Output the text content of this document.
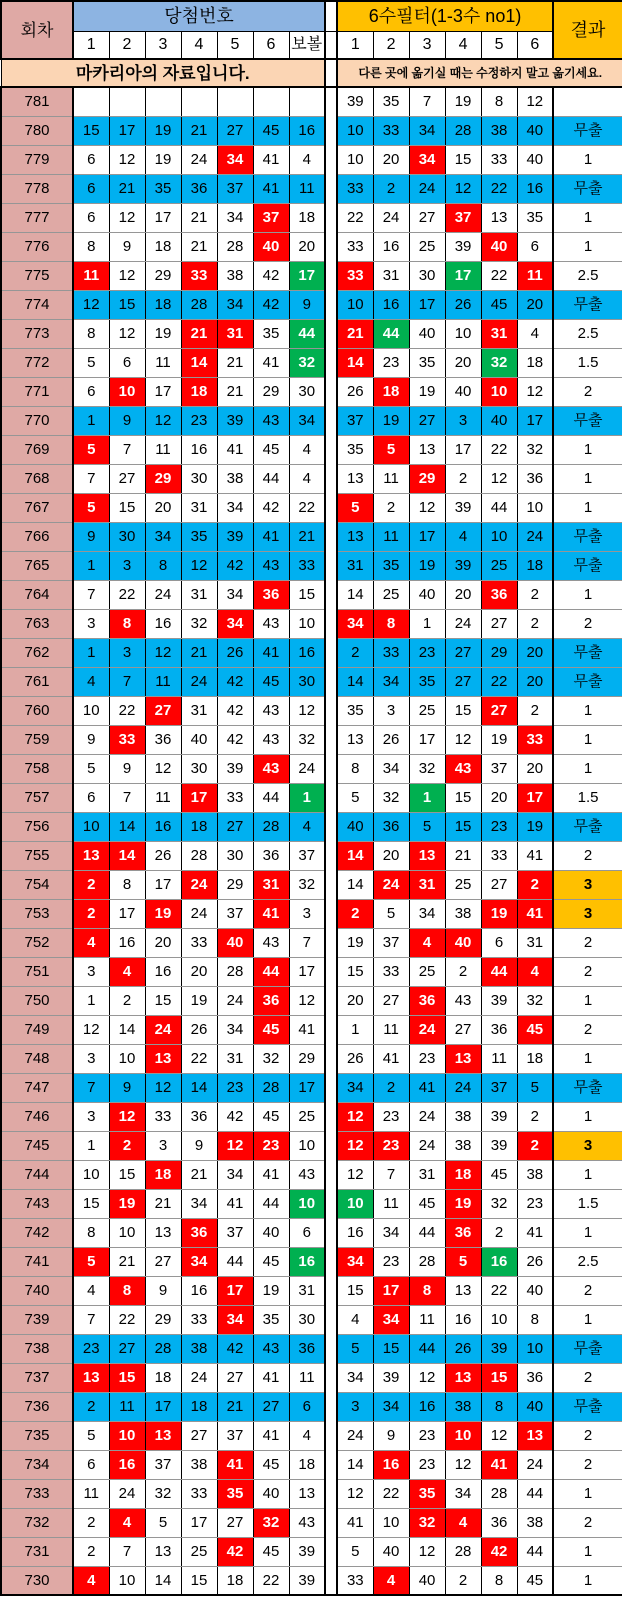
회차	당첨번호								6수필터(1-3수 no1)						결과
	1	2	3	4	5	6	보볼		1	2	3	4	5	6	
마카리아의 자료입니다.									다른 곳에 옮기실 때는 수정하지 말고 옮기세요.						
781									39	35	7	19	8	12	
780	15	17	19	21	27	45	16		10	33	34	28	38	40	무출
779	6	12	19	24	34	41	4		10	20	34	15	33	40	1
778	6	21	35	36	37	41	11		33	2	24	12	22	16	무출
777	6	12	17	21	34	37	18		22	24	27	37	13	35	1
776	8	9	18	21	28	40	20		33	16	25	39	40	6	1
775	11	12	29	33	38	42	17		33	31	30	17	22	11	2.5
774	12	15	18	28	34	42	9		10	16	17	26	45	20	무출
773	8	12	19	21	31	35	44		21	44	40	10	31	4	2.5
772	5	6	11	14	21	41	32		14	23	35	20	32	18	1.5
771	6	10	17	18	21	29	30		26	18	19	40	10	12	2
770	1	9	12	23	39	43	34		37	19	27	3	40	17	무출
769	5	7	11	16	41	45	4		35	5	13	17	22	32	1
768	7	27	29	30	38	44	4		13	11	29	2	12	36	1
767	5	15	20	31	34	42	22		5	2	12	39	44	10	1
766	9	30	34	35	39	41	21		13	11	17	4	10	24	무출
765	1	3	8	12	42	43	33		31	35	19	39	25	18	무출
764	7	22	24	31	34	36	15		14	25	40	20	36	2	1
763	3	8	16	32	34	43	10		34	8	1	24	27	2	2
762	1	3	12	21	26	41	16		2	33	23	27	29	20	무출
761	4	7	11	24	42	45	30		14	34	35	27	22	20	무출
760	10	22	27	31	42	43	12		35	3	25	15	27	2	1
759	9	33	36	40	42	43	32		13	26	17	12	19	33	1
758	5	9	12	30	39	43	24		8	34	32	43	37	20	1
757	6	7	11	17	33	44	1		5	32	1	15	20	17	1.5
756	10	14	16	18	27	28	4		40	36	5	15	23	19	무출
755	13	14	26	28	30	36	37		14	20	13	21	33	41	2
754	2	8	17	24	29	31	32		14	24	31	25	27	2	3
753	2	17	19	24	37	41	3		2	5	34	38	19	41	3
752	4	16	20	33	40	43	7		19	37	4	40	6	31	2
751	3	4	16	20	28	44	17		15	33	25	2	44	4	2
750	1	2	15	19	24	36	12		20	27	36	43	39	32	1
749	12	14	24	26	34	45	41		1	11	24	27	36	45	2
748	3	10	13	22	31	32	29		26	41	23	13	11	18	1
747	7	9	12	14	23	28	17		34	2	41	24	37	5	무출
746	3	12	33	36	42	45	25		12	23	24	38	39	2	1
745	1	2	3	9	12	23	10		12	23	24	38	39	2	3
744	10	15	18	21	34	41	43		12	7	31	18	45	38	1
743	15	19	21	34	41	44	10		10	11	45	19	32	23	1.5
742	8	10	13	36	37	40	6		16	34	44	36	2	41	1
741	5	21	27	34	44	45	16		34	23	28	5	16	26	2.5
740	4	8	9	16	17	19	31		15	17	8	13	22	40	2
739	7	22	29	33	34	35	30		4	34	11	16	10	8	1
738	23	27	28	38	42	43	36		5	15	44	26	39	10	무출
737	13	15	18	24	27	41	11		34	39	12	13	15	36	2
736	2	11	17	18	21	27	6		3	34	16	38	8	40	무출
735	5	10	13	27	37	41	4		24	9	23	10	12	13	2
734	6	16	37	38	41	45	18		14	16	23	12	41	24	2
733	11	24	32	33	35	40	13		12	22	35	34	28	44	1
732	2	4	5	17	27	32	43		41	10	32	4	36	38	2
731	2	7	13	25	42	45	39		5	40	12	28	42	44	1
730	4	10	14	15	18	22	39		33	4	40	2	8	45	1
